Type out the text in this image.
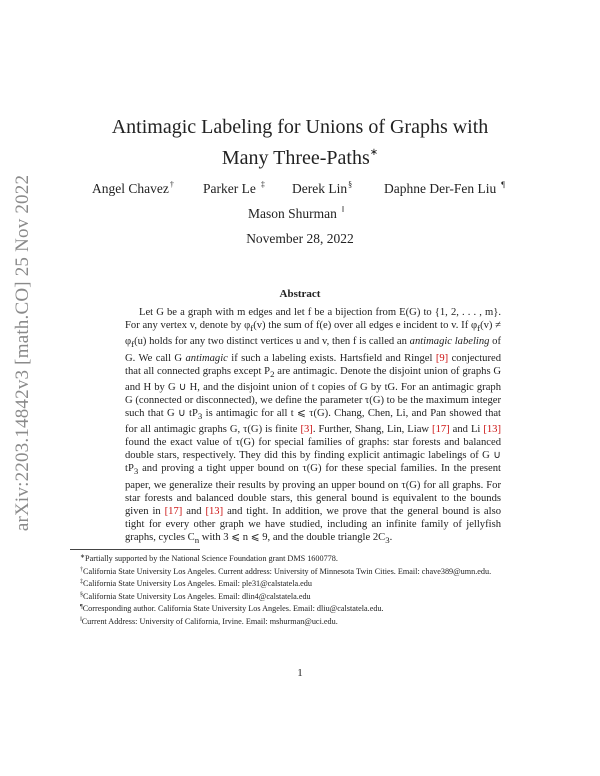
arXiv:2203.14842v3 [math.CO] 25 Nov 2022
Antimagic Labeling for Unions of Graphs with
Many Three-Paths∗
Angel Chavez† Parker Le ‡ Derek Lin§ Daphne Der-Fen Liu ¶
Mason Shurman ‖
November 28, 2022
Abstract

Let G be a graph with m edges and let f be a bijection from E(G) to {1, 2, . . . , m}. For any vertex v, denote by $\varphi_f(v)$ the sum of f(e) over all edges e incident to v. If $\varphi_f(v) \ne \varphi_f(u)$ holds for any two distinct vertices u and v, then f is called an antimagic labeling of G. We call G antimagic if such a labeling exists. Hartsfield and Ringel [9] conjectured that all connected graphs except $P_2$ are antimagic. Denote the disjoint union of graphs G and H by G ∪ H, and the disjoint union of t copies of G by tG. For an antimagic graph G (connected or disconnected), we define the parameter τ(G) to be the maximum integer such that G ∪ $tP_3$ is antimagic for all t ⩽ τ(G). Chang, Chen, Li, and Pan showed that for all antimagic graphs G, τ(G) is finite [3]. Further, Shang, Lin, Liaw [17] and Li [13] found the exact value of τ(G) for special families of graphs: star forests and balanced double stars, respectively. They did this by finding explicit antimagic labelings of G ∪ $tP_3$ and proving a tight upper bound on τ(G) for these special families. In the present paper, we generalize their results by proving an upper bound on τ(G) for all graphs. For star forests and balanced double stars, this general bound is equivalent to the bounds given in [17] and [13] and tight. In addition, we prove that the general bound is also tight for every other graph we have studied, including an infinite family of jellyfish graphs, cycles $C_n$ with 3 ⩽ n ⩽ 9, and the double triangle $2C_3$.

∗Partially supported by the National Science Foundation grant DMS 1600778.

†California State University Los Angeles. Current address: University of Minnesota Twin Cities. Email: chave389@umn.edu.

‡California State University Los Angeles. Email: ple31@calstatela.edu

§California State University Los Angeles. Email: dlin4@calstatela.edu

¶Corresponding author. California State University Los Angeles. Email: dliu@calstatela.edu.

‖Current Address: University of California, Irvine. Email: mshurman@uci.edu.

1
